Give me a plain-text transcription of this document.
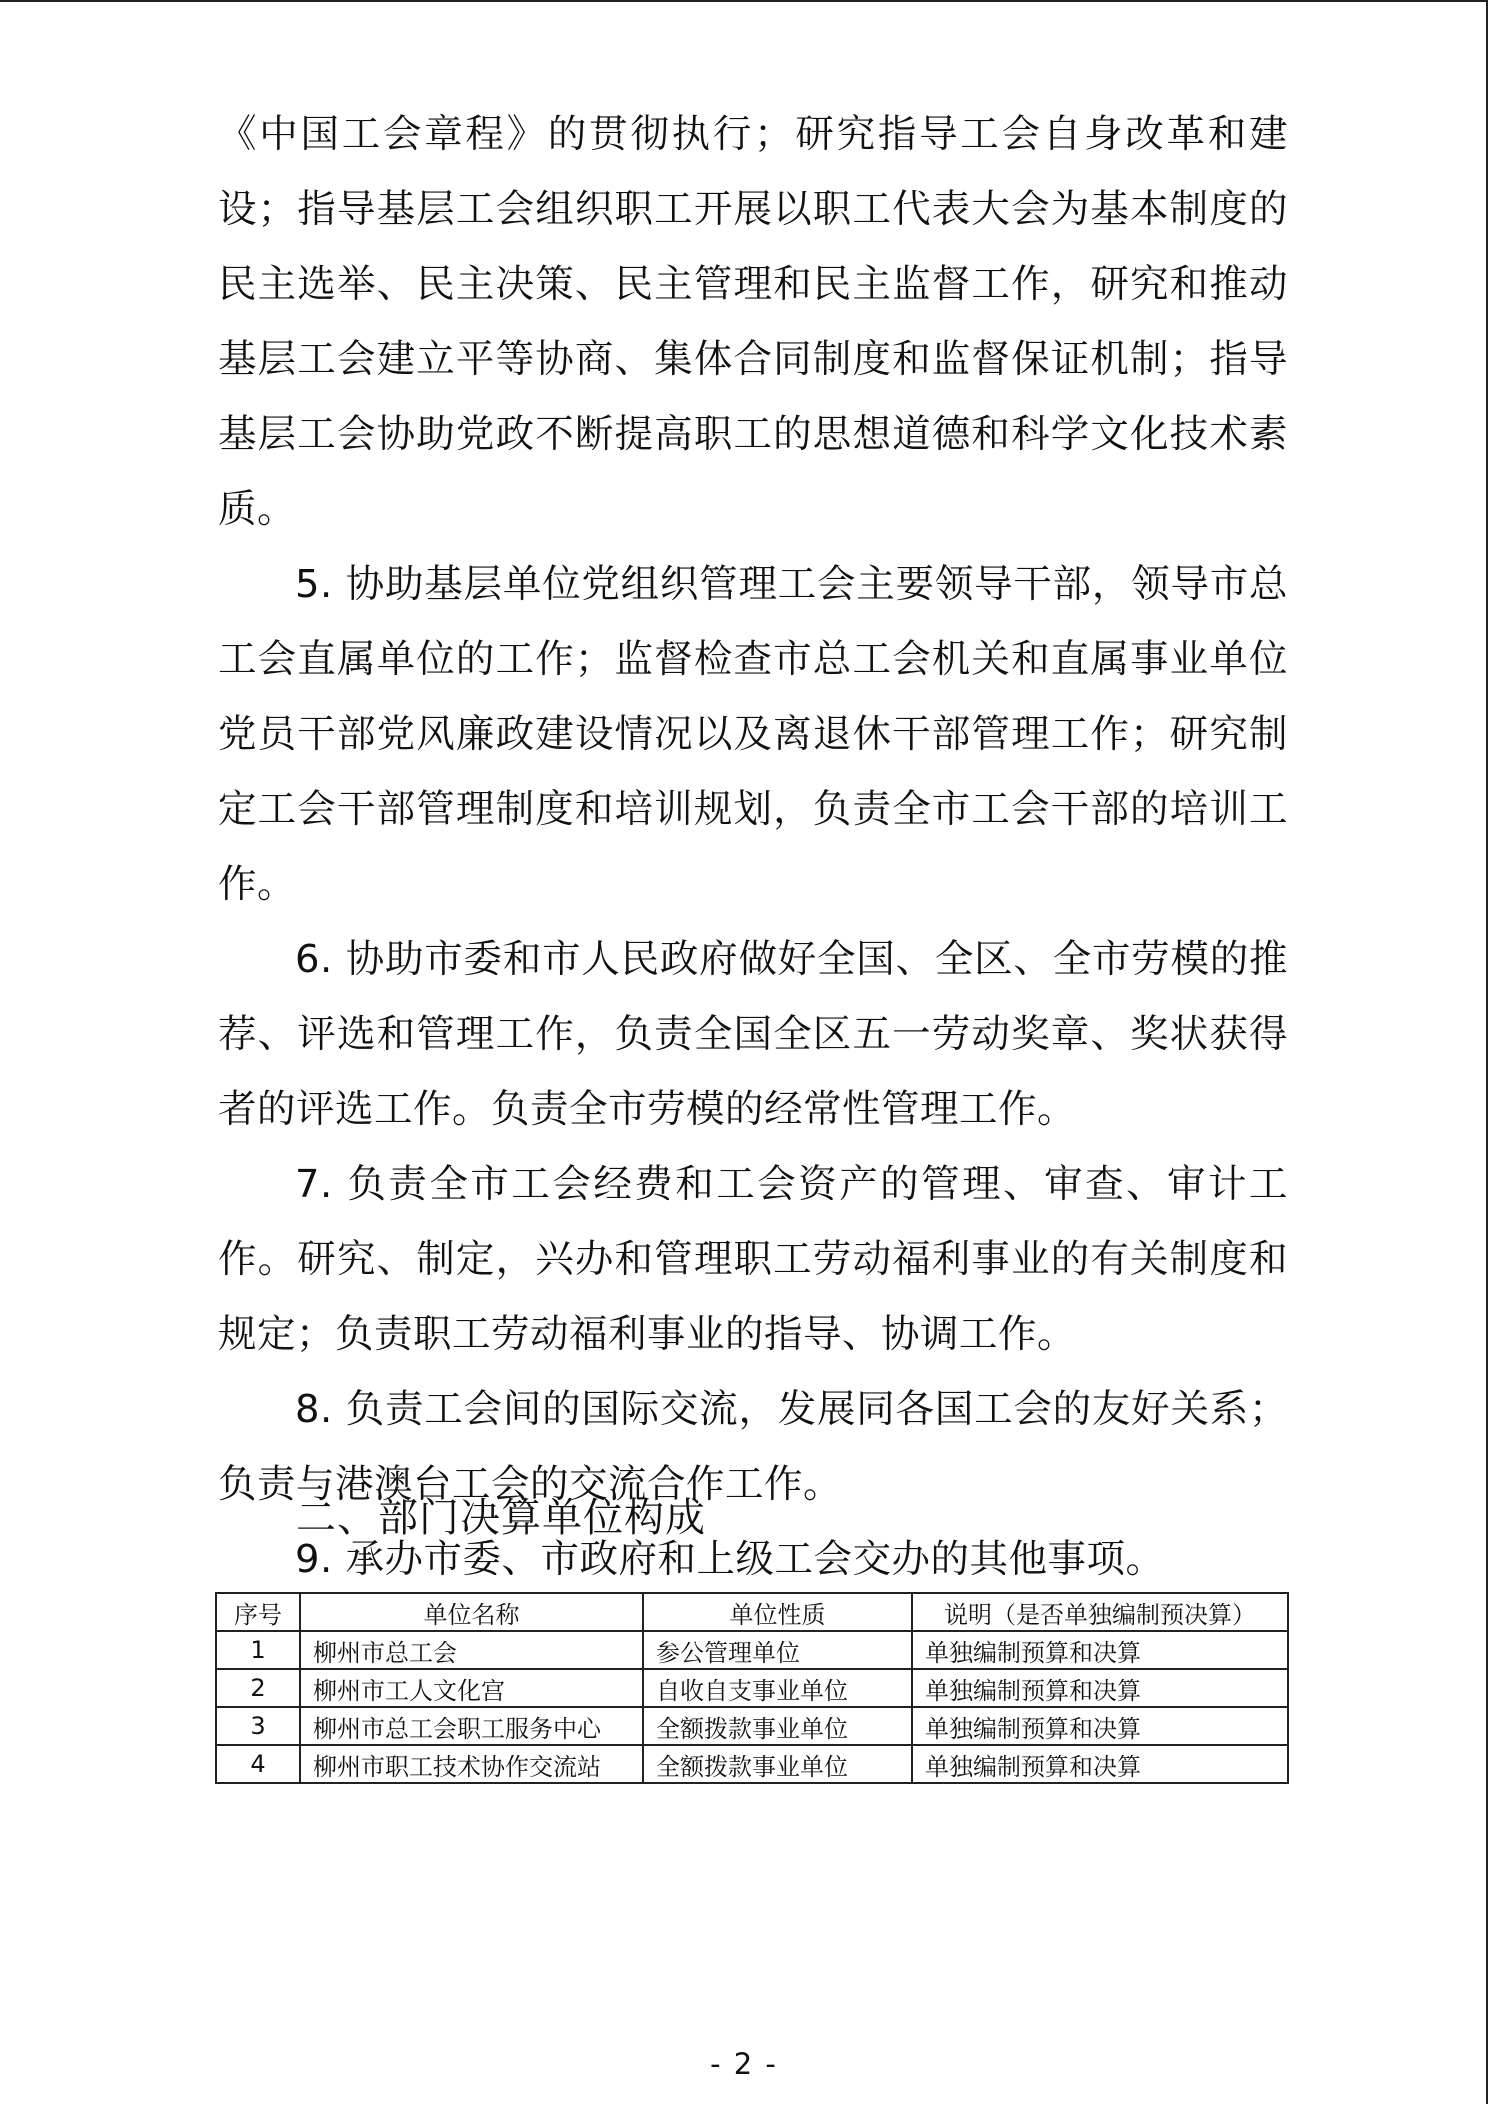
《中国工会章程》的贯彻执行；研究指导工会自身改革和建设；指导基层工会组织职工开展以职工代表大会为基本制度的民主选举、民主决策、民主管理和民主监督工作，研究和推动基层工会建立平等协商、集体合同制度和监督保证机制；指导基层工会协助党政不断提高职工的思想道德和科学文化技术素质。

5. 协助基层单位党组织管理工会主要领导干部，领导市总工会直属单位的工作；监督检查市总工会机关和直属事业单位党员干部党风廉政建设情况以及离退休干部管理工作；研究制定工会干部管理制度和培训规划，负责全市工会干部的培训工作。

6. 协助市委和市人民政府做好全国、全区、全市劳模的推荐、评选和管理工作，负责全国全区五一劳动奖章、奖状获得者的评选工作。负责全市劳模的经常性管理工作。

7. 负责全市工会经费和工会资产的管理、审查、审计工作。研究、制定，兴办和管理职工劳动福利事业的有关制度和规定；负责职工劳动福利事业的指导、协调工作。

8. 负责工会间的国际交流，发展同各国工会的友好关系；负责与港澳台工会的交流合作工作。

9. 承办市委、市政府和上级工会交办的其他事项。

二、部门决算单位构成
序号	单位名称	单位性质	说明（是否单独编制预决算）
1	柳州市总工会	参公管理单位	单独编制预算和决算
2	柳州市工人文化宫	自收自支事业单位	单独编制预算和决算
3	柳州市总工会职工服务中心	全额拨款事业单位	单独编制预算和决算
4	柳州市职工技术协作交流站	全额拨款事业单位	单独编制预算和决算
- 2 -
